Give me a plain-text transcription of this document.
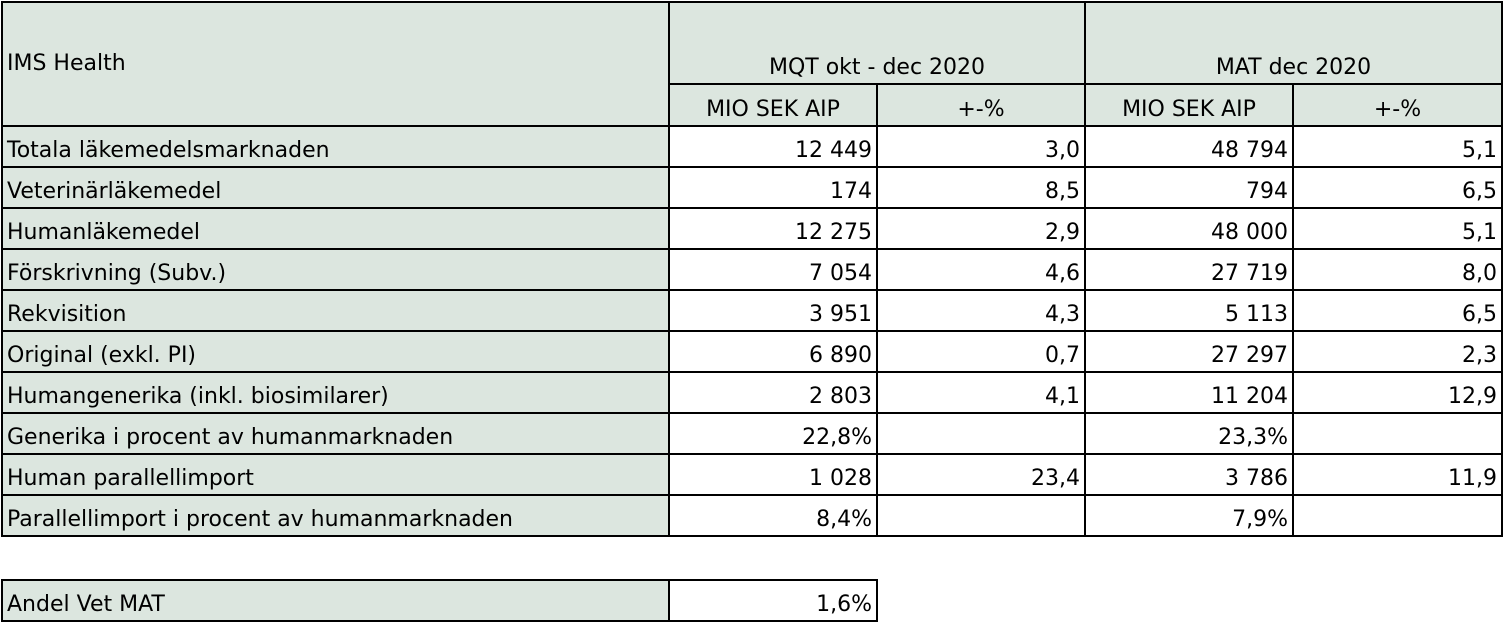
IMS Health	MQT okt - dec 2020		MAT dec 2020	
	MIO SEK AIP	+-%	MIO SEK AIP	+-%
Totala läkemedelsmarknaden	12 449	3,0	48 794	5,1
Veterinärläkemedel	174	8,5	794	6,5
Humanläkemedel	12 275	2,9	48 000	5,1
Förskrivning (Subv.)	7 054	4,6	27 719	8,0
Rekvisition	3 951	4,3	5 113	6,5
Original (exkl. PI)	6 890	0,7	27 297	2,3
Humangenerika (inkl. biosimilarer)	2 803	4,1	11 204	12,9
Generika i procent av humanmarknaden	22,8%		23,3%	
Human parallellimport	1 028	23,4	3 786	11,9
Parallellimport i procent av humanmarknaden	8,4%		7,9%	
Andel Vet MAT	1,6%
